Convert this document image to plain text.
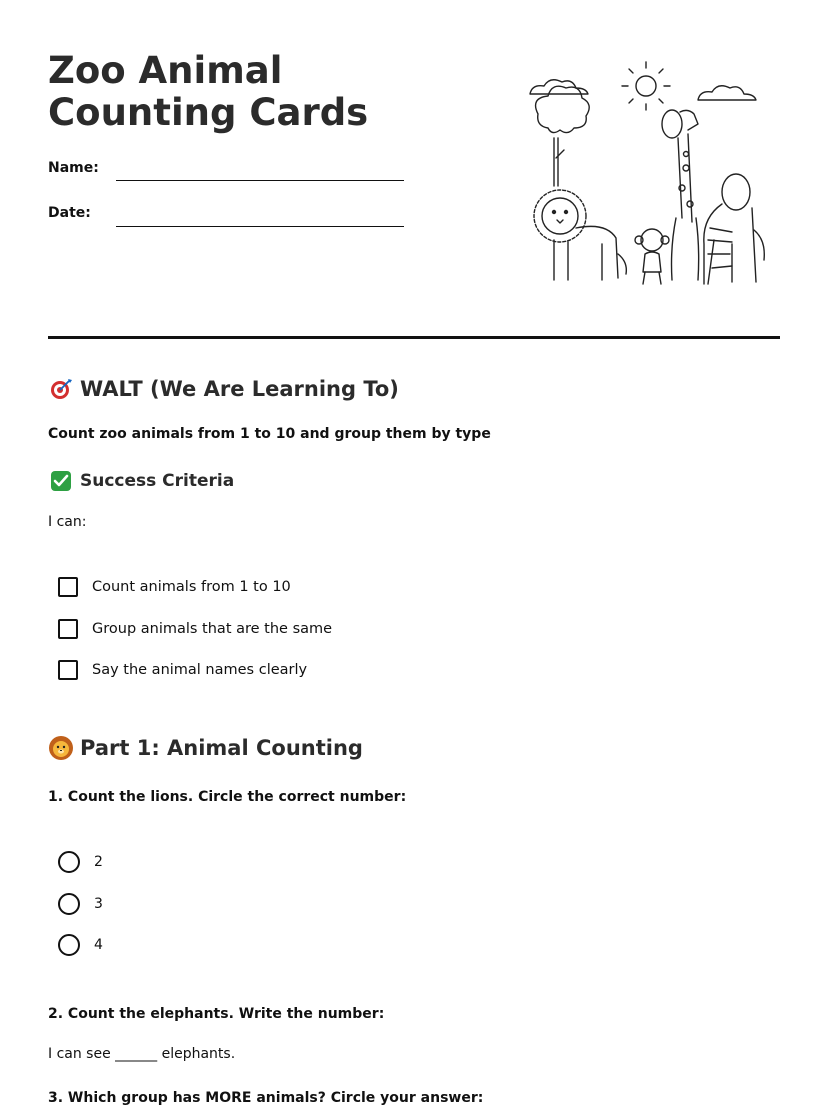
Zoo Animal Counting Cards
Name:
Date:
WALT (We Are Learning To)
Count zoo animals from 1 to 10 and group them by type
Success Criteria
I can:
Count animals from 1 to 10
Group animals that are the same
Say the animal names clearly
Part 1: Animal Counting
1. Count the lions. Circle the correct number:
2
3
4
2. Count the elephants. Write the number:
I can see ______ elephants.
3. Which group has MORE animals? Circle your answer:
